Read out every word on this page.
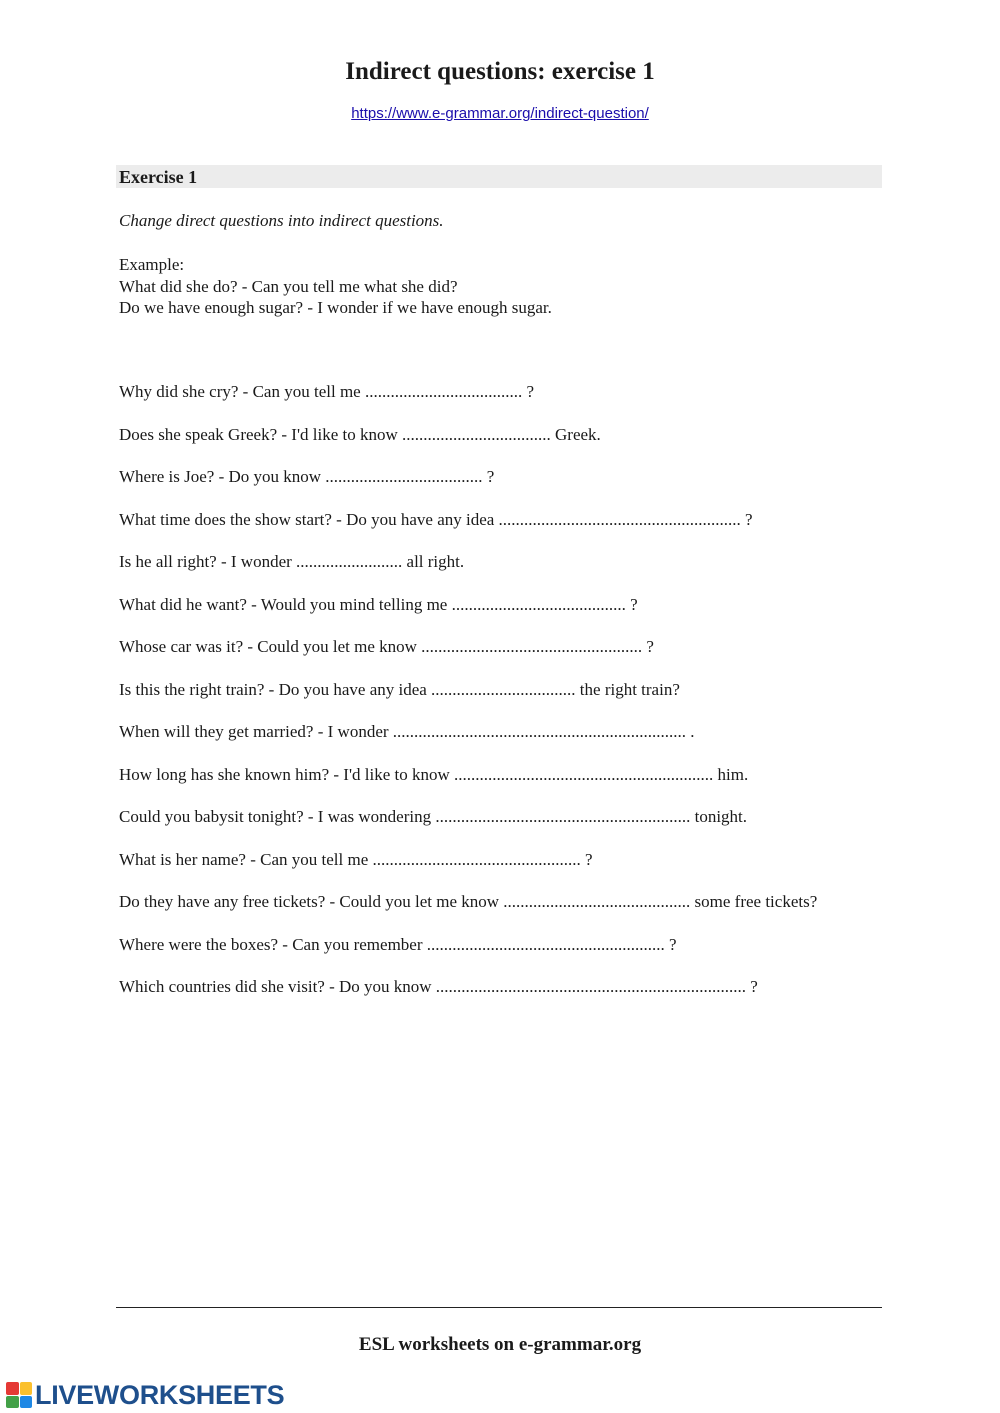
Indirect questions: exercise 1
https://www.e-grammar.org/indirect-question/
Exercise 1
Change direct questions into indirect questions.
Example:
What did she do? - Can you tell me what she did?
Do we have enough sugar? - I wonder if we have enough sugar.
Why did she cry? - Can you tell me ..................................... ?
Does she speak Greek? - I'd like to know ................................... Greek.
Where is Joe? - Do you know ..................................... ?
What time does the show start? - Do you have any idea ......................................................... ?
Is he all right? - I wonder ......................... all right.
What did he want? - Would you mind telling me ......................................... ?
Whose car was it? - Could you let me know .................................................... ?
Is this the right train? - Do you have any idea .................................. the right train?
When will they get married? - I wonder ..................................................................... .
How long has she known him? - I'd like to know ............................................................. him.
Could you babysit tonight? - I was wondering ............................................................ tonight.
What is her name? - Can you tell me ................................................. ?
Do they have any free tickets? - Could you let me know ............................................ some free tickets?
Where were the boxes? - Can you remember ........................................................ ?
Which countries did she visit? - Do you know ......................................................................... ?
ESL worksheets on e-grammar.org
LIVEWORKSHEETS
